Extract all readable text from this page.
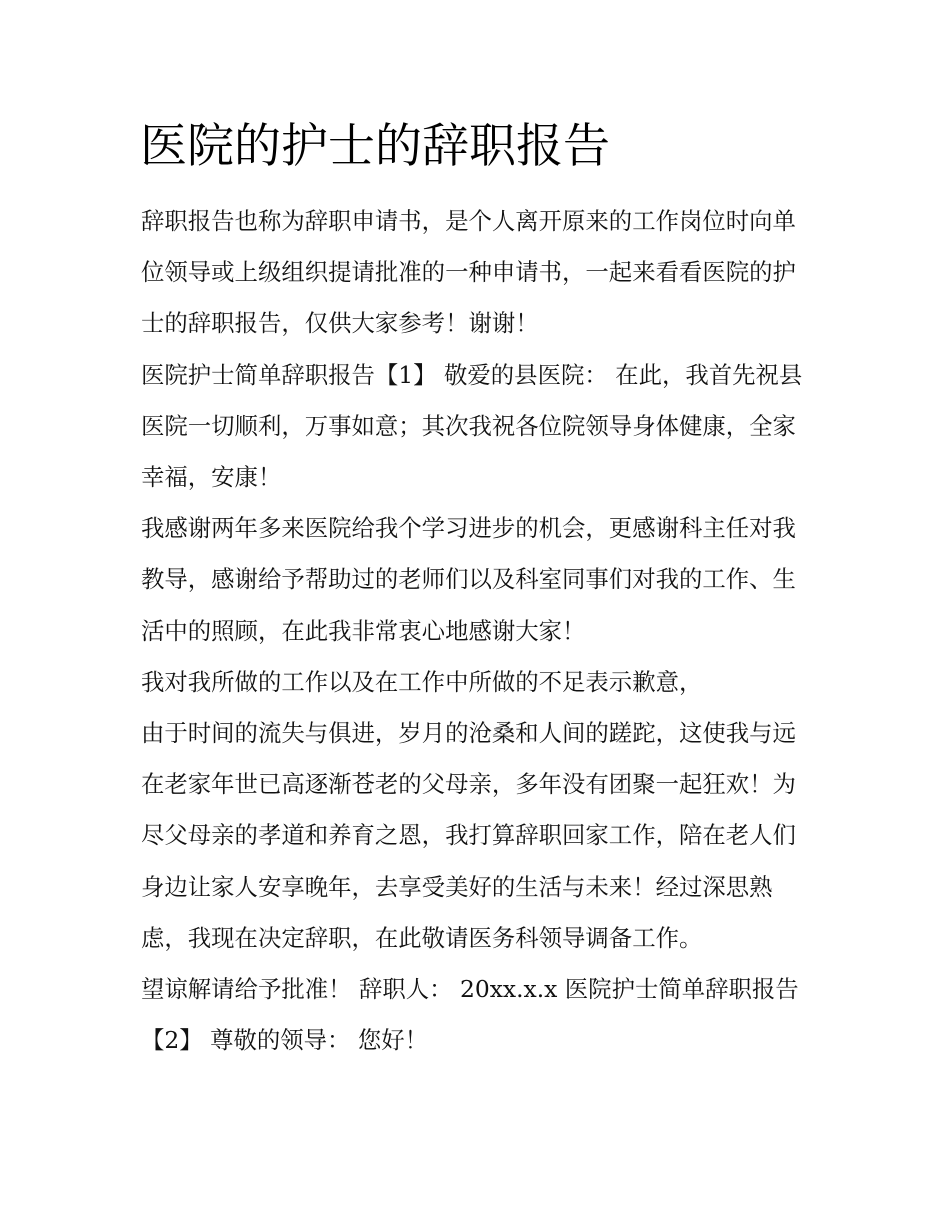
医院的护士的辞职报告

辞职报告也称为辞职申请书，是个人离开原来的工作岗位时向单位领导或上级组织提请批准的一种申请书，一起来看看医院的护士的辞职报告，仅供大家参考！谢谢！

医院护士简单辞职报告【1】 敬爱的县医院： 在此，我首先祝县医院一切顺利，万事如意；其次我祝各位院领导身体健康，全家幸福，安康！

我感谢两年多来医院给我个学习进步的机会，更感谢科主任对我教导，感谢给予帮助过的老师们以及科室同事们对我的工作、生活中的照顾，在此我非常衷心地感谢大家！

我对我所做的工作以及在工作中所做的不足表示歉意，

由于时间的流失与俱进，岁月的沧桑和人间的蹉跎，这使我与远在老家年世已高逐渐苍老的父母亲，多年没有团聚一起狂欢！为尽父母亲的孝道和养育之恩，我打算辞职回家工作，陪在老人们身边让家人安享晚年，去享受美好的生活与未来！经过深思熟虑，我现在决定辞职，在此敬请医务科领导调备工作。

望谅解请给予批准！ 辞职人： 20xx.x.x 医院护士简单辞职报告【2】 尊敬的领导： 您好！
